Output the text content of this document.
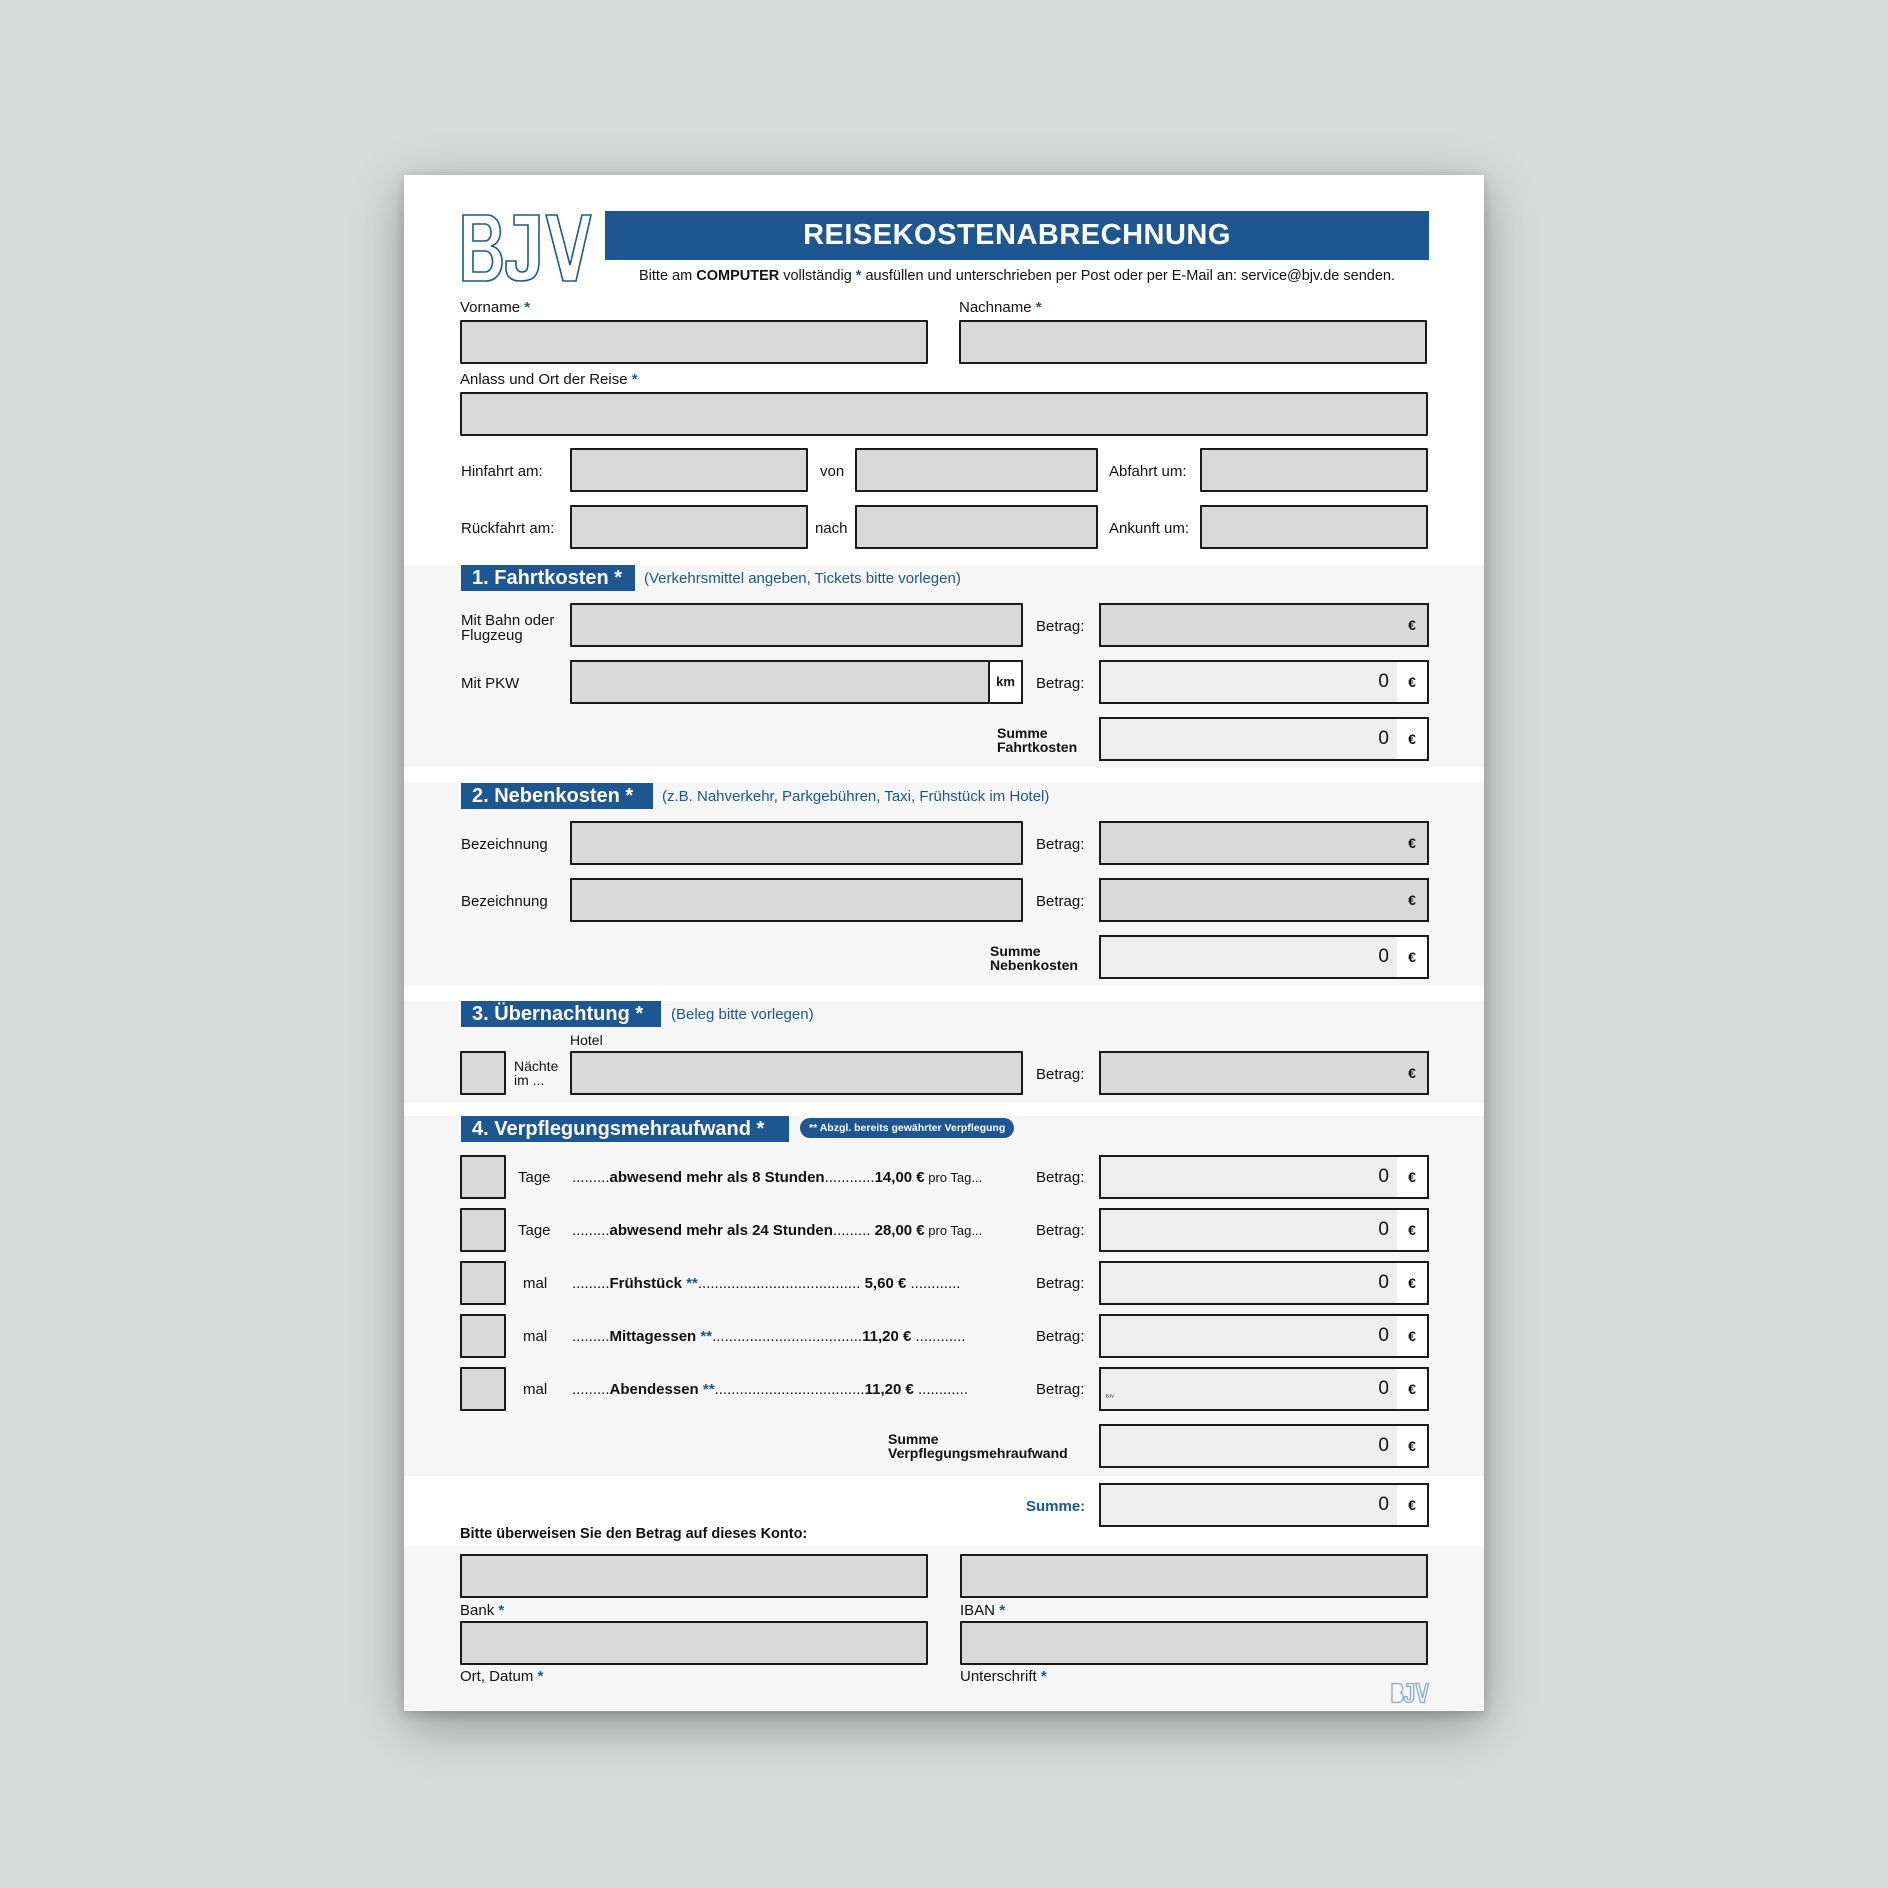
REISEKOSTENABRECHNUNG
Bitte am COMPUTER vollständig * ausfüllen und unterschrieben per Post oder per E-Mail an: service@bjv.de senden.
Vorname *	Nachname *
Anlass und Ort der Reise *
Hinfahrt am:	von	Abfahrt um:
Rückfahrt am:	nach	Ankunft um:
1. Fahrtkosten *	(Verkehrsmittel angeben, Tickets bitte vorlegen)
Mit Bahn oder
Flugzeug
Betrag:	€
Mit PKW	km	Betrag:	0	€
Summe
Fahrtkosten	0	€
2. Nebenkosten *	(z.B. Nahverkehr, Parkgebühren, Taxi, Frühstück im Hotel)
Bezeichnung	Betrag:	€
Bezeichnung	Betrag:	€
Summe
Nebenkosten	0	€
3. Übernachtung *	(Beleg bitte vorlegen)
Hotel
Nächte
im ...	Betrag:	€
4. Verpflegungsmehraufwand *	** Abzgl. bereits gewährter Verpflegung
Tage .........abwesend mehr als 8 Stunden............14,00 € pro Tag...	Betrag:	0	€
Tage .........abwesend mehr als 24 Stunden......... 28,00 € pro Tag...	Betrag:	0	€
mal .........Frühstück **....................................... 5,60 € ............	Betrag:	0	€
mal .........Mittagessen **....................................11,20 € ............	Betrag:	0	€
mal .........Abendessen **....................................11,20 € ............	Betrag:	0	€
Summe
Verpflegungsmehraufwand	0	€
Summe:	0	€
Bitte überweisen Sie den Betrag auf dieses Konto:
Bank *	IBAN *
Ort, Datum *	Unterschrift *
BJV
